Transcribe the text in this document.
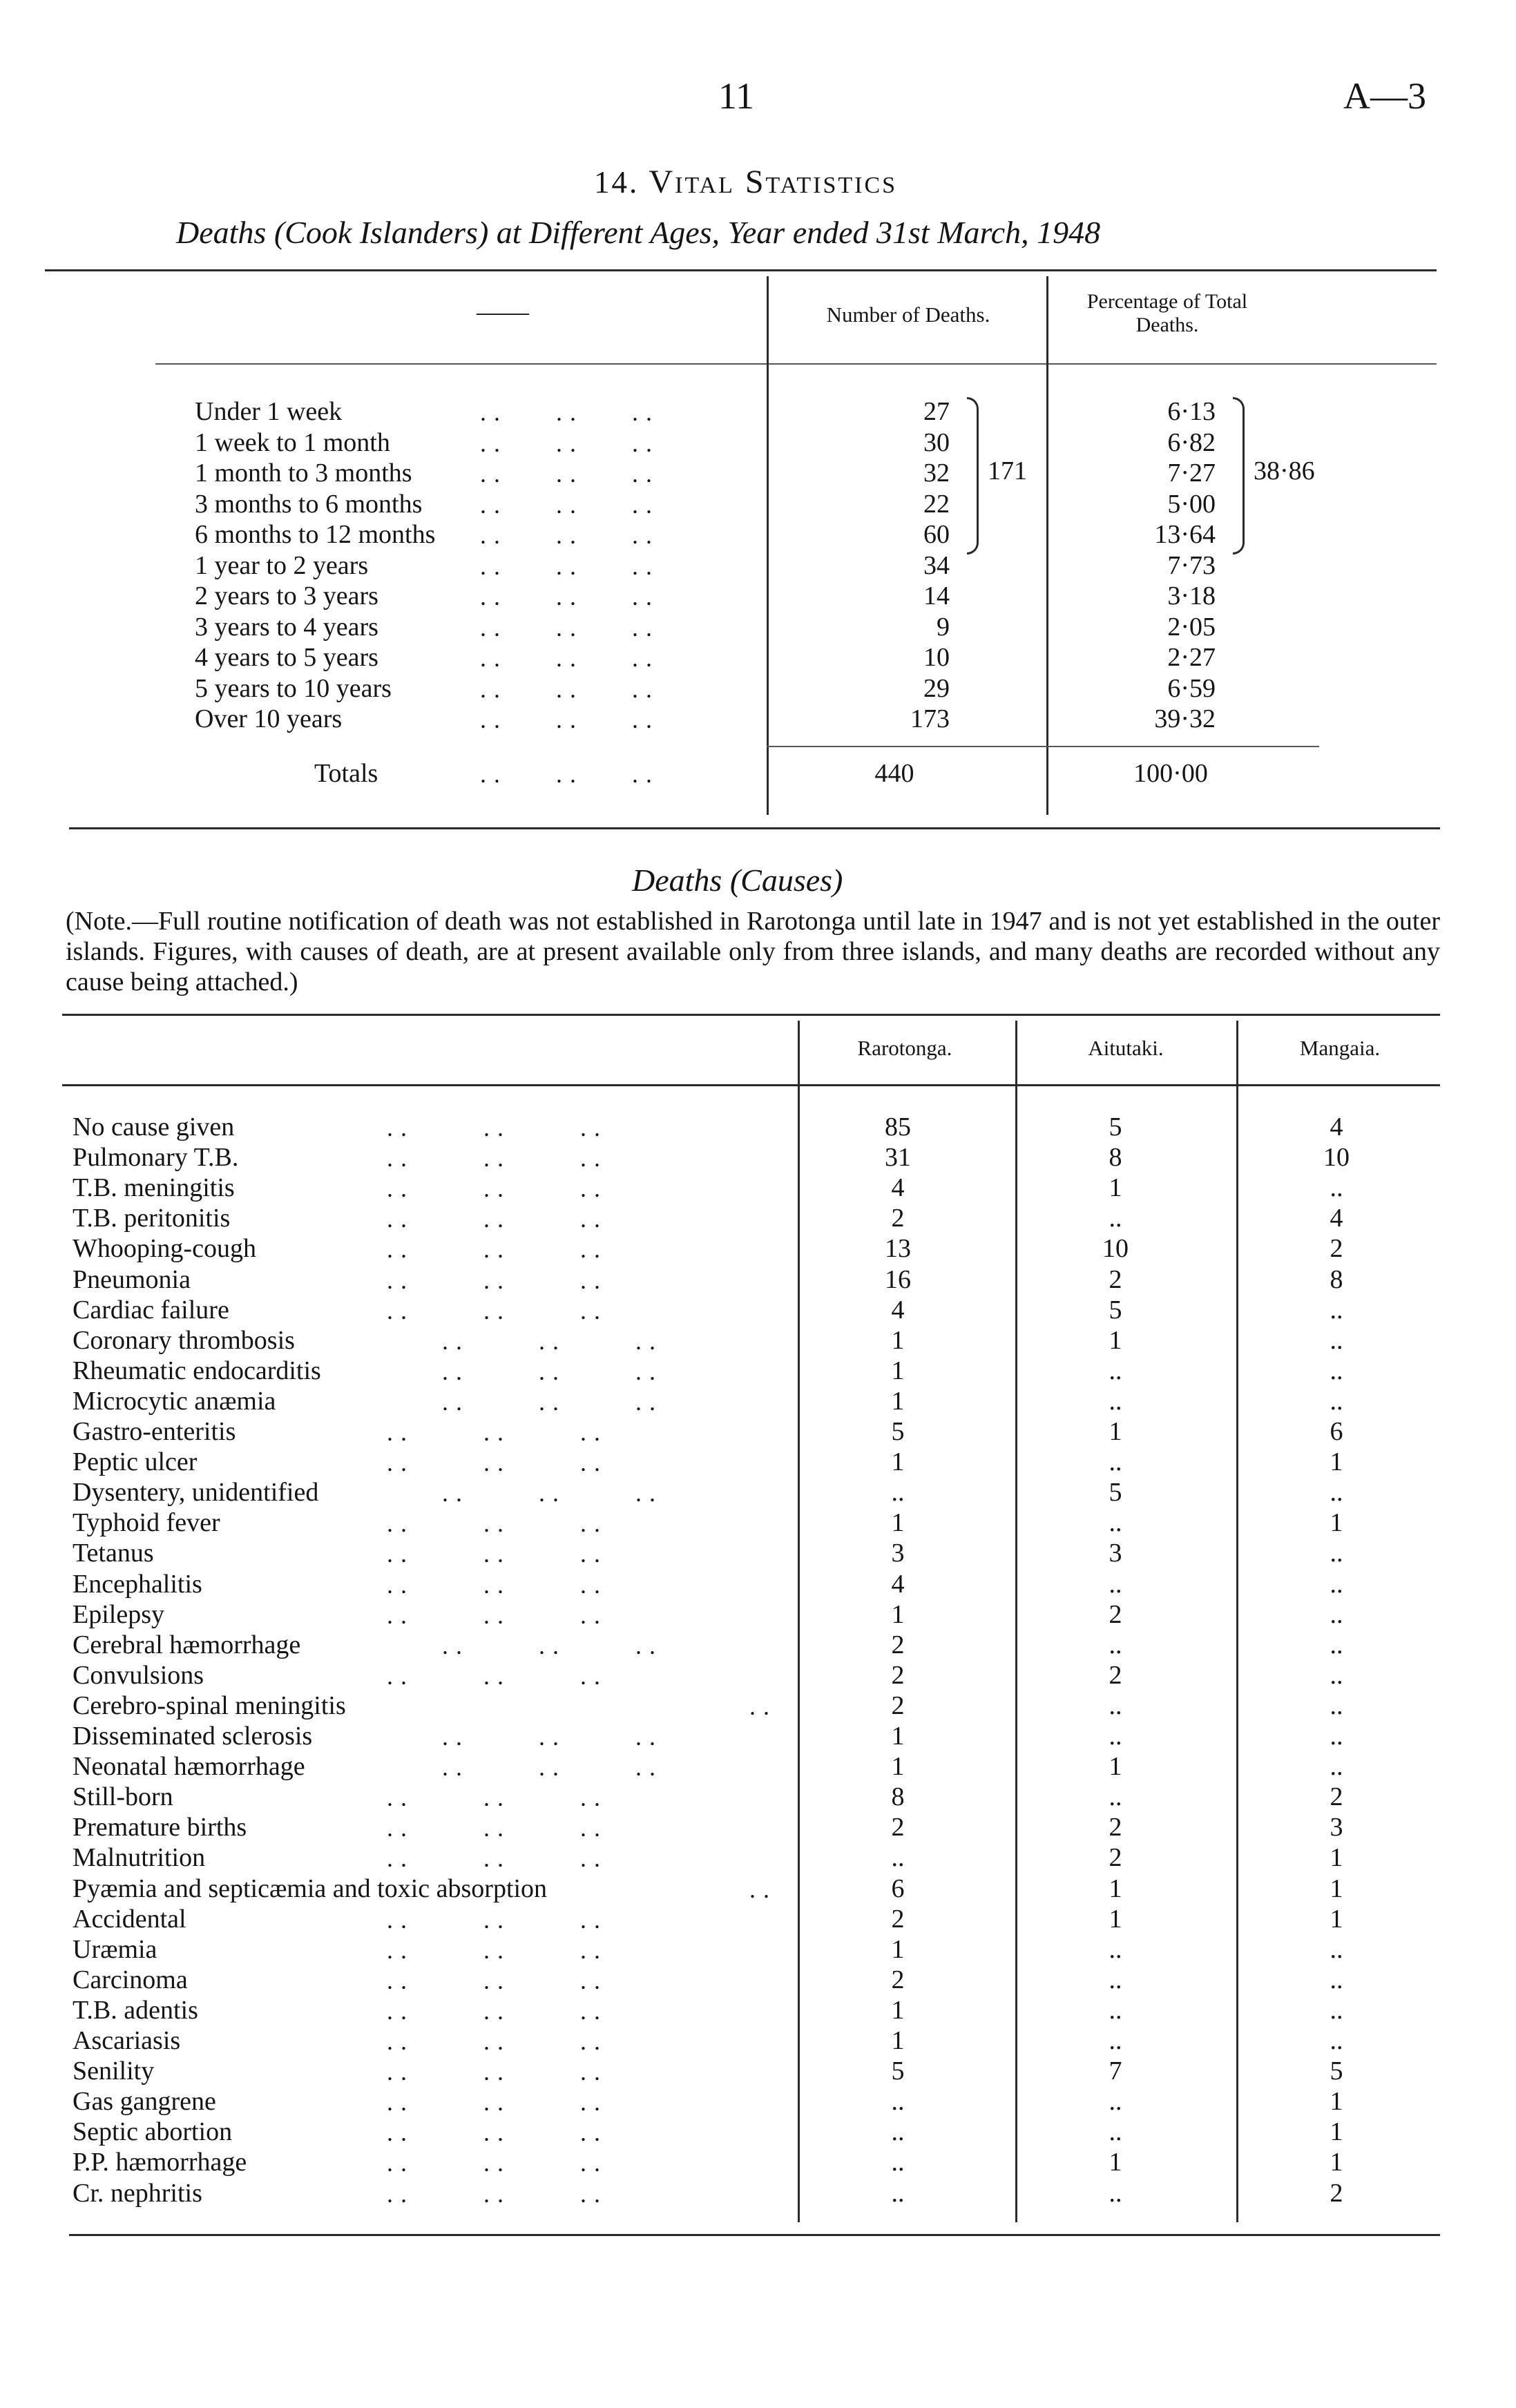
11	A—3
14. Vital Statistics
Deaths (Cook Islanders) at Different Ages, Year ended 31st March, 1948
——	Number of Deaths.
Percentage of Total Deaths.
Under 1 week	. .        . .        . .	27	6·13
1 week to 1 month	. .        . .        . .	30	6·82
1 month to 3 months	. .        . .        . .	32	7·27
3 months to 6 months . .        . .        . .	22	5·00
6 months to 12 months . .        . .        . .	60	13·64
1 year to 2 years	. .        . .        . .	34	7·73
2 years to 3 years	. .        . .        . .	14	3·18
3 years to 4 years	. .        . .        . .	9	2·05
4 years to 5 years	. .        . .        . .	10	2·27
5 years to 10 years	. .        . .        . .	29	6·59
Over 10 years	. .        . .        . .	173	39·32
171	38·86
Totals	. .        . .        . .	440	100·00
Deaths (Causes)
(Note.—Full routine notification of death was not established in Rarotonga until late in 1947 and is not yet established in the outer islands. Figures, with causes of death, are at present available only from three islands, and many deaths are recorded without any cause being attached.)
Rarotonga.	Aitutaki.	Mangaia.
No cause given	. .           . .           . .	85	5	4
Pulmonary T.B.	. .           . .           . .	31	8	10
T.B. meningitis	. .           . .           . .	4	1	..
T.B. peritonitis	. .           . .           . .	2	..	4
Whooping-cough	. .           . .           . .	13	10	2
Pneumonia	. .           . .           . .	16	2	8
Cardiac failure	. .           . .           . .	4	5	..
Coronary thrombosis	. .           . .           . .	1	1	..
Rheumatic endocarditis	. .           . .           . .	1	..	..
Microcytic anæmia	. .           . .           . .	1	..	..
Gastro-enteritis	. .           . .           . .	5	1	6
Peptic ulcer	. .           . .           . .	1	..	1
Dysentery, unidentified	. .           . .           . .	..	5	..
Typhoid fever	. .           . .           . .	1	..	1
Tetanus	. .           . .           . .	3	3	..
Encephalitis	. .           . .           . .	4	..	..
Epilepsy	. .           . .           . .	1	2	..
Cerebral hæmorrhage	. .           . .           . .	2	..	..
Convulsions	. .           . .           . .	2	2	..
Cerebro-spinal meningitis	. .	2	..	..
Disseminated sclerosis	. .           . .           . .	1	..	..
Neonatal hæmorrhage	. .           . .           . .	1	1	..
Still-born	. .           . .           . .	8	..	2
Premature births	. .           . .           . .	2	2	3
Malnutrition	. .           . .           . .	..	2	1
Pyæmia and septicæmia and toxic absorption	. .	6	1	1
Accidental	. .           . .           . .	2	1	1
Uræmia	. .           . .           . .	1	..	..
Carcinoma	. .           . .           . .	2	..	..
T.B. adentis	. .           . .           . .	1	..	..
Ascariasis	. .           . .           . .	1	..	..
Senility	. .           . .           . .	5	7	5
Gas gangrene	. .           . .           . .	..	..	1
Septic abortion	. .           . .           . .	..	..	1
P.P. hæmorrhage	. .           . .           . .	..	1	1
Cr. nephritis	. .           . .           . .	..	..	2
